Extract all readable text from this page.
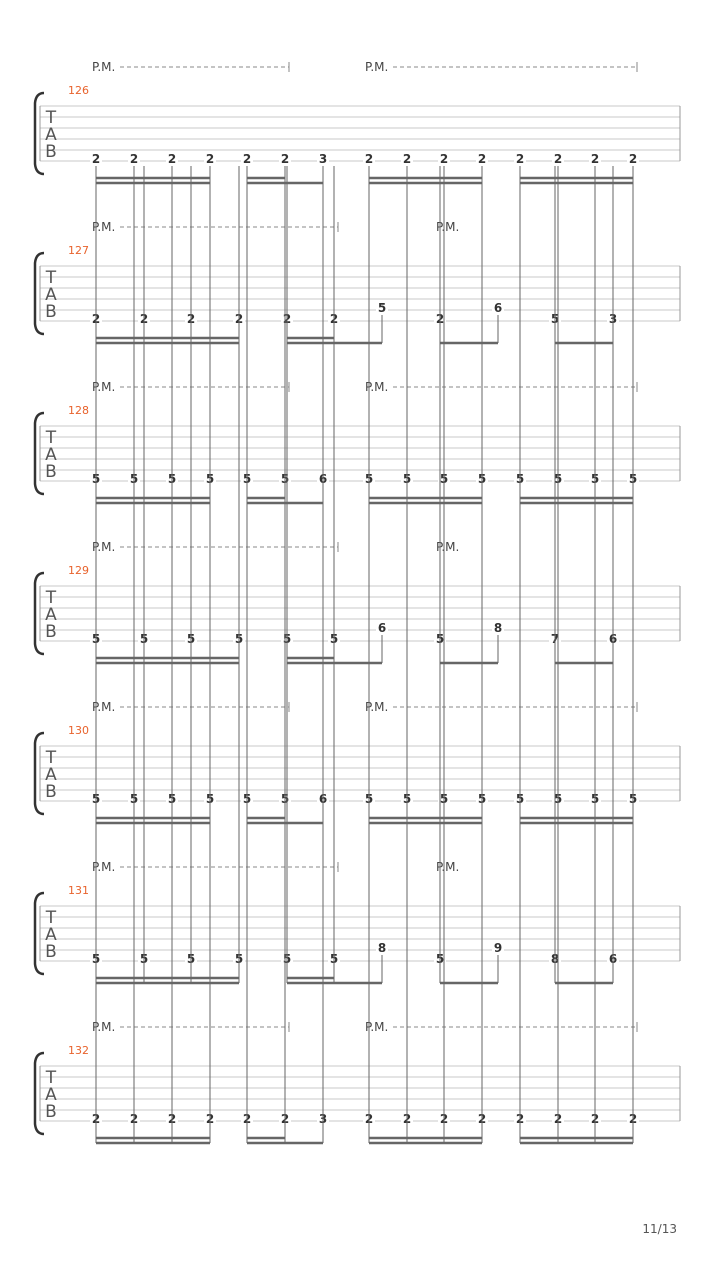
P.M.	P.M.
126
T
A
B	2 2 2 2 2 2 3	2 2 2 2 2 2 2 2
P.M.	P.M.
127
T
A
B	2	2	2	2	2	2
5
2
6
5	3
P.M.	P.M.
128
T
A
B	5 5 5 5 5 5 6	5 5 5 5 5 5 5 5
P.M.	P.M.
129
T
A
B	5	5	5	5	5	5
6
5
8
7	6
P.M.	P.M.
130
T
A
B	5 5 5 5 5 5 6	5 5 5 5 5 5 5 5
P.M.	P.M.
131
T
A
B	5	5	5	5	5	5
8
5
9
8	6
P.M.	P.M.
132
T
A
B	2 2 2 2 2 2 3	2 2 2 2 2 2 2 2
11/13
